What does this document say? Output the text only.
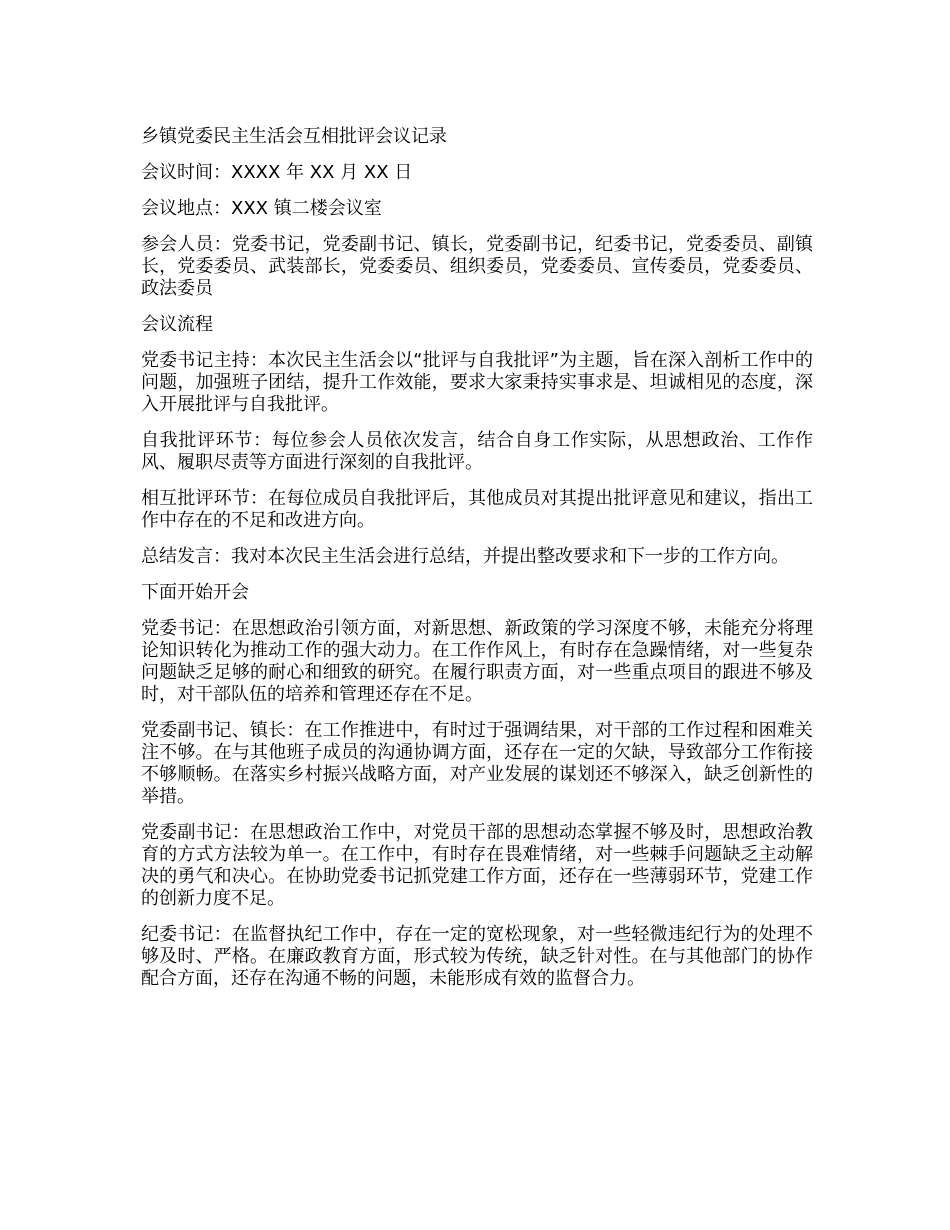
乡镇党委民主生活会互相批评会议记录

会议时间：XXXX 年 XX 月 XX 日

会议地点：XXX 镇二楼会议室

参会人员：党委书记，党委副书记、镇长，党委副书记，纪委书记，党委委员、副镇长，党委委员、武装部长，党委委员、组织委员，党委委员、宣传委员，党委委员、政法委员

会议流程

党委书记主持：本次民主生活会以“批评与自我批评”为主题，旨在深入剖析工作中的问题，加强班子团结，提升工作效能，要求大家秉持实事求是、坦诚相见的态度，深入开展批评与自我批评。

自我批评环节：每位参会人员依次发言，结合自身工作实际，从思想政治、工作作风、履职尽责等方面进行深刻的自我批评。

相互批评环节：在每位成员自我批评后，其他成员对其提出批评意见和建议，指出工作中存在的不足和改进方向。

总结发言：我对本次民主生活会进行总结，并提出整改要求和下一步的工作方向。

下面开始开会

党委书记：在思想政治引领方面，对新思想、新政策的学习深度不够，未能充分将理论知识转化为推动工作的强大动力。在工作作风上，有时存在急躁情绪，对一些复杂问题缺乏足够的耐心和细致的研究。在履行职责方面，对一些重点项目的跟进不够及时，对干部队伍的培养和管理还存在不足。

党委副书记、镇长：在工作推进中，有时过于强调结果，对干部的工作过程和困难关注不够。在与其他班子成员的沟通协调方面，还存在一定的欠缺，导致部分工作衔接不够顺畅。在落实乡村振兴战略方面，对产业发展的谋划还不够深入，缺乏创新性的举措。

党委副书记：在思想政治工作中，对党员干部的思想动态掌握不够及时，思想政治教育的方式方法较为单一。在工作中，有时存在畏难情绪，对一些棘手问题缺乏主动解决的勇气和决心。在协助党委书记抓党建工作方面，还存在一些薄弱环节，党建工作的创新力度不足。

纪委书记：在监督执纪工作中，存在一定的宽松现象，对一些轻微违纪行为的处理不够及时、严格。在廉政教育方面，形式较为传统，缺乏针对性。在与其他部门的协作配合方面，还存在沟通不畅的问题，未能形成有效的监督合力。
